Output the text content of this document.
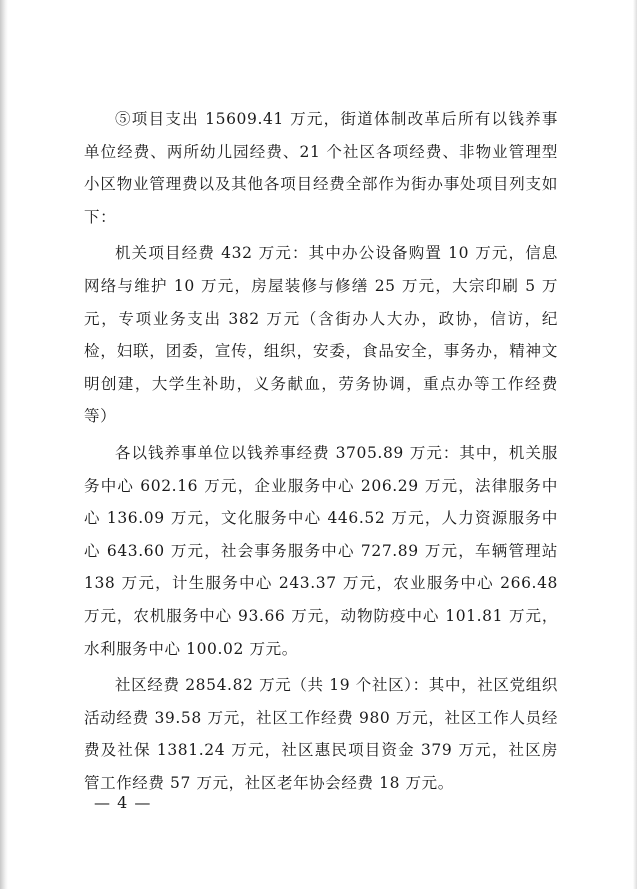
⑤项目支出 15609.41 万元，街道体制改革后所有以钱养事单位经费、两所幼儿园经费、21 个社区各项经费、非物业管理型小区物业管理费以及其他各项目经费全部作为街办事处项目列支如下：

机关项目经费 432 万元：其中办公设备购置 10 万元，信息网络与维护 10 万元，房屋装修与修缮 25 万元，大宗印刷 5 万元，专项业务支出 382 万元（含街办人大办，政协，信访，纪检，妇联，团委，宣传，组织，安委，食品安全，事务办，精神文明创建，大学生补助，义务献血，劳务协调，重点办等工作经费等）

各以钱养事单位以钱养事经费 3705.89 万元：其中，机关服务中心 602.16 万元，企业服务中心 206.29 万元，法律服务中心 136.09 万元，文化服务中心 446.52 万元，人力资源服务中心 643.60 万元，社会事务服务中心 727.89 万元，车辆管理站 138 万元，计生服务中心 243.37 万元，农业服务中心 266.48 万元，农机服务中心 93.66 万元，动物防疫中心 101.81 万元，水利服务中心 100.02 万元。

社区经费 2854.82 万元（共 19 个社区）：其中，社区党组织活动经费 39.58 万元，社区工作经费 980 万元，社区工作人员经费及社保 1381.24 万元，社区惠民项目资金 379 万元，社区房管工作经费 57 万元，社区老年协会经费 18 万元。

— 4 —
